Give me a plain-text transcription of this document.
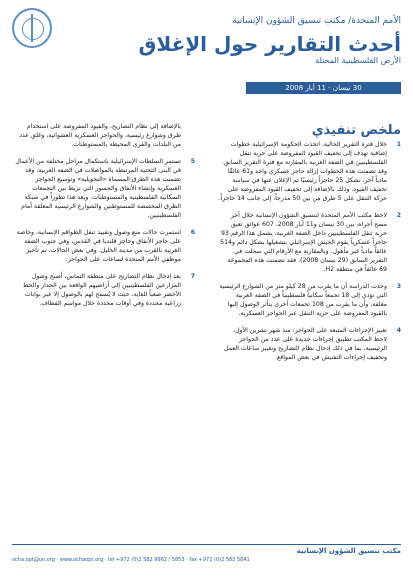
الأمم المتحدة/ مكتب تنسيق الشؤون الإنسانية
أحدث التقارير حول الإغلاق
الأرض الفلسطينية المحتلة
30 نيسان - 11 أيار 2008
ملخص تنفيذي
1
خلال فترة التقرير الحالية، اتخذت الحكومة الإسرائيلية خطوات إضافية تهدف إلى تخفيف القيود المفروضة على حرية تنقل الفلسطينيين في الضفة الغربية بالمقارنة مع فترة التقرير السابق. وقد تضمنت هذه الخطوات إزالة حاجز عسكري واحد و61 عائقًا مادياً آخر، تشكل 25 حاجزاً رئيسيًا تم الإعلان عنها في سياسة تخفيف القيود. وذلك بالإضافة إلى تخفيف القيود المفروضة على حركة التنقل على 5 طرق من بين 50 مدرجاً، إلى جانب 14 حاجزاً.
2
لاحظ مكتب الأمم المتحدة لتنسيق الشؤون الإنسانية خلال آخر مسح أجراه، بين 30 نيسان و11 أيار 2008، 607 عوائق تعيق حرية تنقل الفلسطينيين داخل الضفة الغربية، يشمل هذا الرقم 93 حاجزاً عسكرياً يقوم الجيش الإسرائيلي بتشغيلها بشكل دائم و514 عائقاً مادياً غير مأهول. وبالمقارنة مع الأرقام التي سجلت في التقرير السابق (29 نيسان 2008)، فقد تضمنت هذه المجموعة 69 عائقاً في منطقة H2.
3
وجدت الدراسة أن ما يقرب من 28 كيلو متر من الشوارع الرئيسية التي تؤدي إلى 18 تجمعاً سكانياً فلسطينياً في الضفة الغربية مغلقة، وأن ما يقرب من 108 تجمعات أخرى يتأثر الوصول إليها بالقيود المفروضة على حرية التنقل عبر الحواجز العسكرية.
4
تغيير الإجراءات المتبعة على الحواجز: منذ شهر تشرين الأول، لاحظ المكتب تطبيق إجراءات جديدة على عدد من الحواجز الرئيسية، بما في ذلك إدخال نظام التصاريح وتغيير ساعات العمل وتخفيف إجراءات التفتيش في بعض المواقع.
بالإضافة إلى نظام التصاريح، والقيود المفروضة على استخدام طرق وشوارع رئيسية، والحواجز العسكرية العشوائية، وغلق عدد من البلدات والقرى المحيطة بالمستوطنات.
5
تستمر السلطات الإسرائيلية باستكمال مراحل مختلفة من الأعمال في البنى التحتية المرتبطة بالمواصلات في الضفة الغربية، وقد تضمنت هذه الطرق المسماة «التحويلية» وتوسيع الحواجز العسكرية وإنشاء الأنفاق والجسور التي تربط بين التجمعات السكانية الفلسطينية والمستوطنات. ويعد هذا تطوراً في شبكة الطرق المخصصة للمستوطنين والشوارع الرئيسية المغلقة أمام الفلسطينيين.
6
استمرت حالات منع وصول وتقييد تنقل الطواقم الإنسانية، وخاصة على حاجز الأنفاق وحاجز قلنديا في القدس، وفي جنوب الضفة الغربية بالقرب من مدينة الخليل. وفي بعض الحالات، تم تأخير موظفي الأمم المتحدة لساعات على الحواجز.
7
بعد إدخال نظام التصاريح على منطقة التماس، أصبح وصول المزارعين الفلسطينيين إلى أراضيهم الواقعة بين الجدار والخط الأخضر صعباً للغاية، حيث لا يُسمح لهم بالوصول إلا عبر بوابات زراعية محددة وفي أوقات محددة خلال مواسم القطاف.
مكتب تنسيق الشؤون الإنسانية
ocha.opt@un.org · www.ochaopt.org · tel +972 (0)2 582 9962 / 5853 · fax +972 (0)2 582 5841
